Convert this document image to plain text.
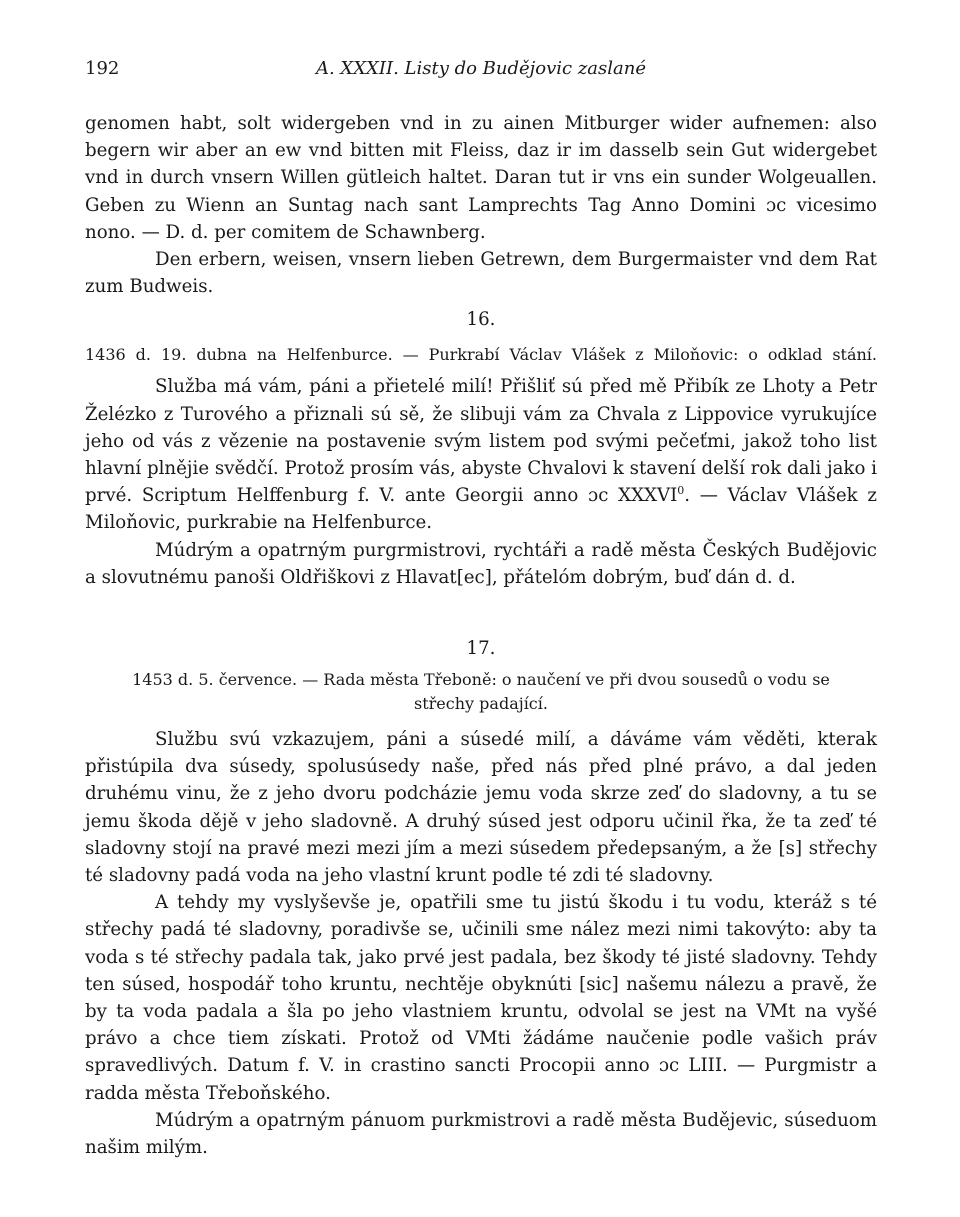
192	A. XXXII. Listy do Budějovic zaslané

genomen habt, solt widergeben vnd in zu ainen Mitburger wider aufnemen: also begern wir aber an ew vnd bitten mit Fleiss, daz ir im dasselb sein Gut widergebet vnd in durch vnsern Willen gütleich haltet. Daran tut ir vns ein sunder Wolgeuallen. Geben zu Wienn an Suntag nach sant Lamprechts Tag Anno Domini ɔc vicesimo nono. — D. d. per comitem de Schawnberg.

Den erbern, weisen, vnsern lieben Getrewn, dem Burgermaister vnd dem Rat zum Budweis.

16.

1436 d. 19. dubna na Helfenburce. — Purkrabí Václav Vlášek z Miloňovic: o odklad stání.

Služba má vám, páni a přietelé milí! Přišliť sú před mě Přibík ze Lhoty a Petr Želézko z Turového a přiznali sú sě, že slibuji vám za Chvala z Lippovice vyrukujíce jeho od vás z vězenie na postavenie svým listem pod svými pečeťmi, jakož toho list hlavní plnějie svědčí. Protož prosím vás, abyste Chvalovi k stavení delší rok dali jako i prvé. Scriptum Helffenburg f. V. ante Georgii anno ɔc XXXVI$^0$. — Václav Vlášek z Miloňovic, purkrabie na Helfenburce.

Múdrým a opatrným purgrmistrovi, rychtáři a radě města Českých Budějovic a slovutnému panoši Oldřiškovi z Hlavat[ec], přátelóm dobrým, buď dán d. d.

17.

1453 d. 5. července. — Rada města Třeboně: o naučení ve při dvou sousedů o vodu se střechy padající.

Službu svú vzkazujem, páni a súsedé milí, a dáváme vám věděti, kterak přistúpila dva súsedy, spolusúsedy naše, před nás před plné právo, a dal jeden druhému vinu, že z jeho dvoru podcházie jemu voda skrze zeď do sladovny, a tu se jemu škoda dějě v jeho sladovně. A druhý súsed jest odporu učinil řka, že ta zeď té sladovny stojí na pravé mezi mezi jím a mezi súsedem předepsaným, a že [s] střechy té sladovny padá voda na jeho vlastní krunt podle té zdi té sladovny.

A tehdy my vyslyševše je, opatřili sme tu jistú škodu i tu vodu, kteráž s té střechy padá té sladovny, poradivše se, učinili sme nález mezi nimi takovýto: aby ta voda s té střechy padala tak, jako prvé jest padala, bez škody té jisté sladovny. Tehdy ten súsed, hospodář toho kruntu, nechtěje obyknúti [sic] našemu nálezu a pravě, že by ta voda padala a šla po jeho vlastniem kruntu, odvolal se jest na VMt na vyšé právo a chce tiem získati. Protož od VMti žádáme naučenie podle vašich práv spravedlivých. Datum f. V. in crastino sancti Procopii anno ɔc LIII. — Purgmistr a radda města Třeboňského.

Múdrým a opatrným pánuom purkmistrovi a radě města Budějevic, súseduom našim milým.
